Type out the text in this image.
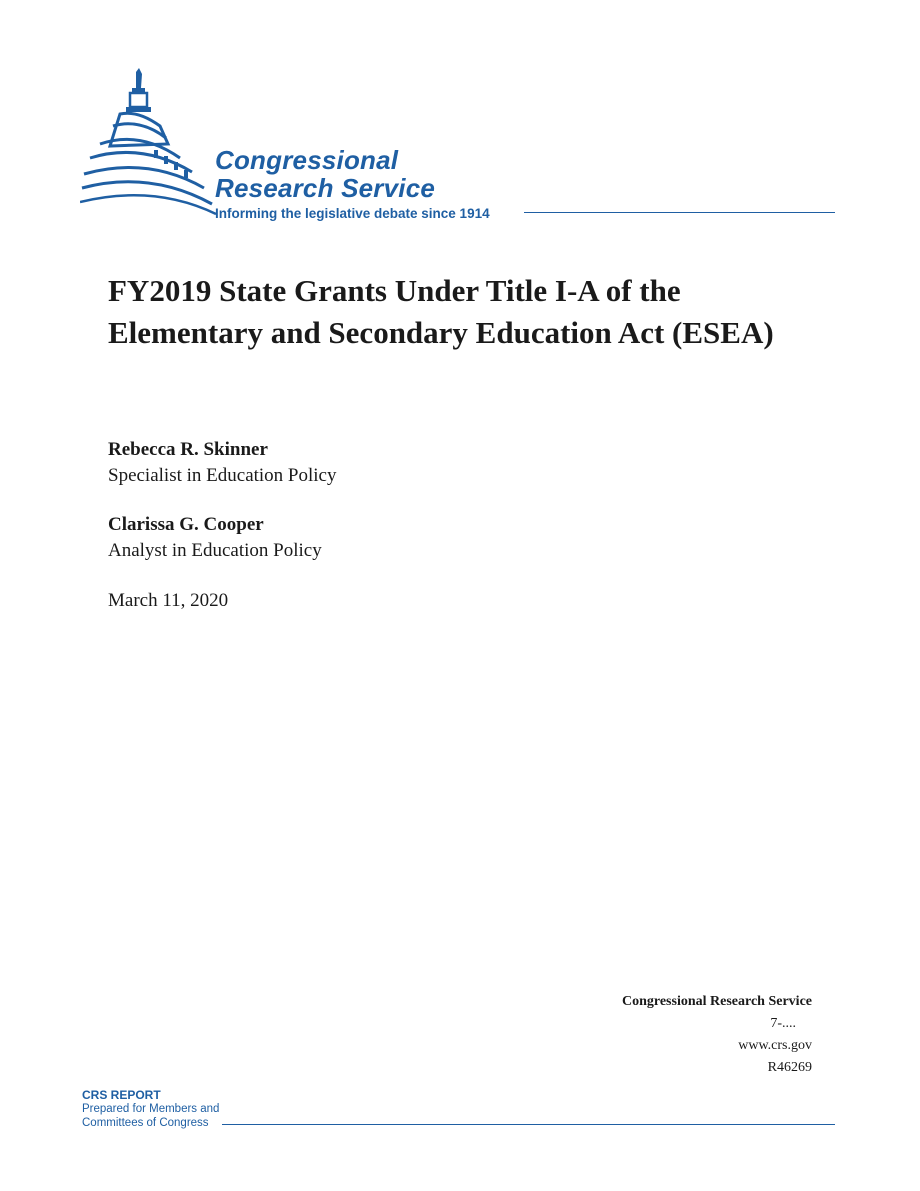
Congressional
Research Service
Informing the legislative debate since 1914
FY2019 State Grants Under Title I-A of the Elementary and Secondary Education Act (ESEA)
Rebecca R. Skinner
Specialist in Education Policy
Clarissa G. Cooper
Analyst in Education Policy
March 11, 2020
Congressional Research Service
7-....
www.crs.gov
R46269
CRS REPORT
Prepared for Members and
Committees of Congress
